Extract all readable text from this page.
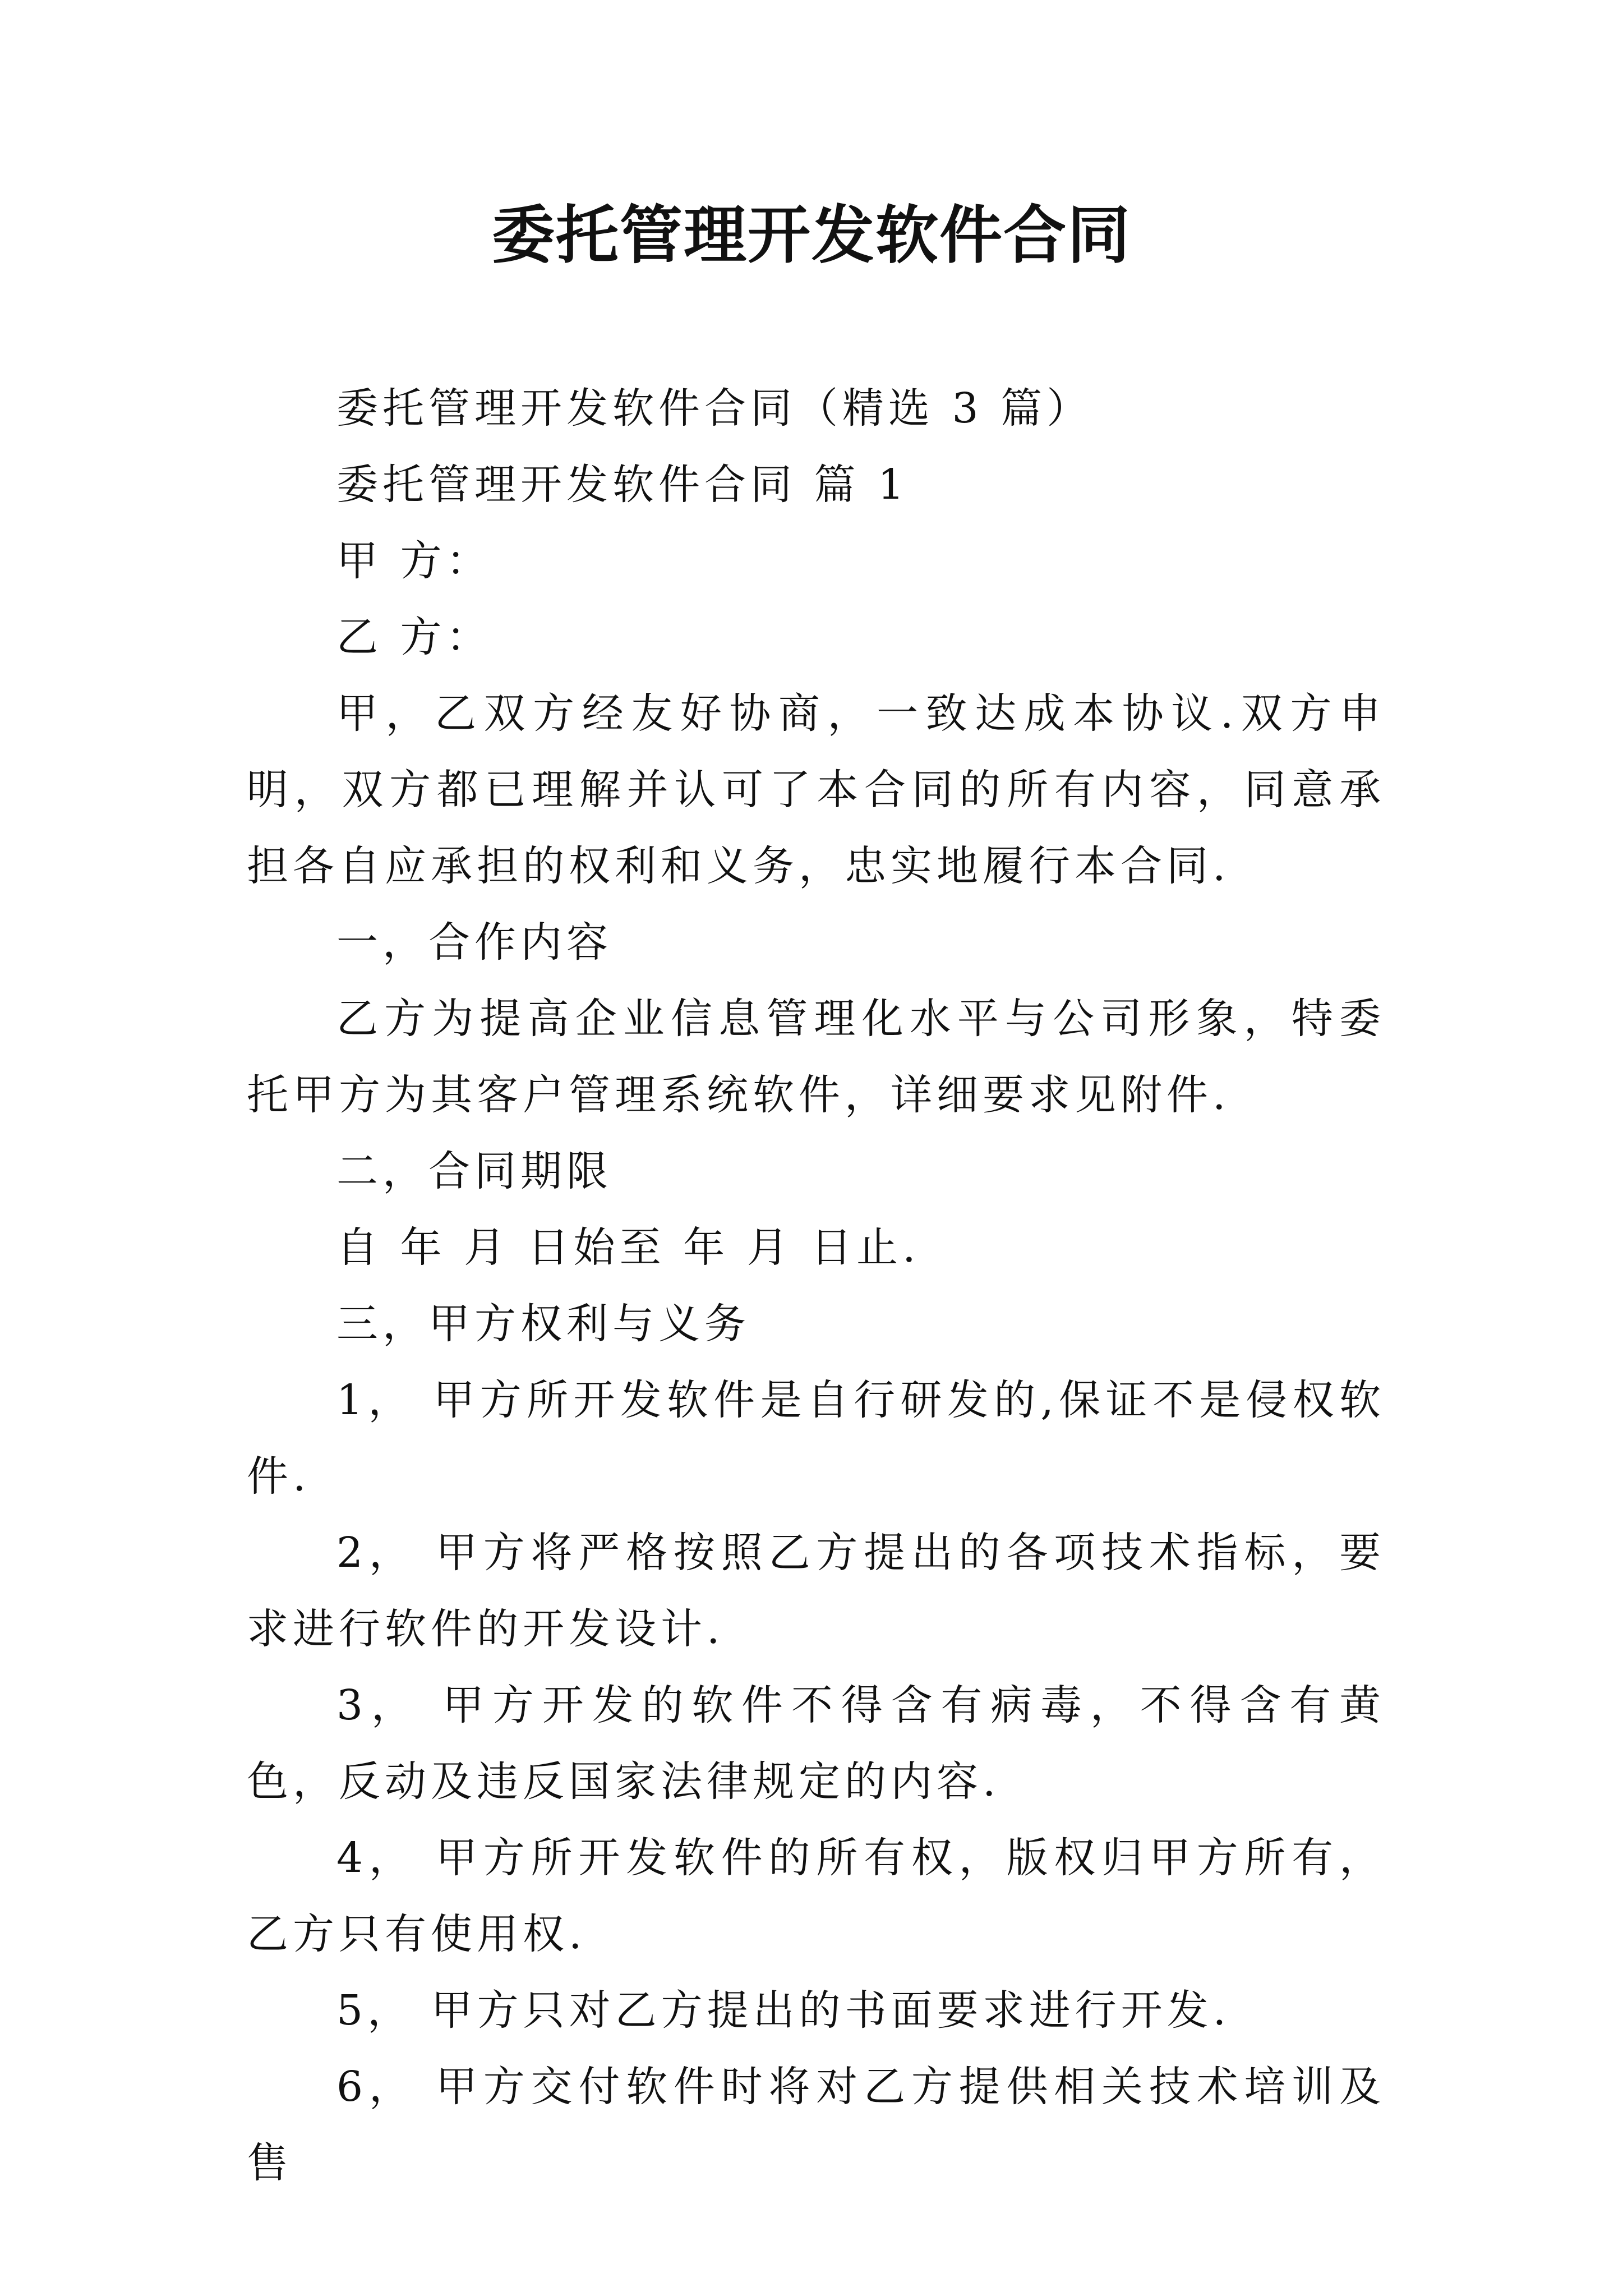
委托管理开发软件合同

委托管理开发软件合同（精选 3 篇）

委托管理开发软件合同 篇 1

甲 方：

乙 方：

甲，乙双方经友好协商，一致达成本协议.双方申明，双方都已理解并认可了本合同的所有内容，同意承担各自应承担的权利和义务，忠实地履行本合同.

一，合作内容

乙方为提高企业信息管理化水平与公司形象，特委托甲方为其客户管理系统软件，详细要求见附件.

二，合同期限

自 年 月 日始至 年 月 日止.

三，甲方权利与义务

1， 甲方所开发软件是自行研发的,保证不是侵权软件.

2， 甲方将严格按照乙方提出的各项技术指标，要求进行软件的开发设计.

3， 甲方开发的软件不得含有病毒，不得含有黄色，反动及违反国家法律规定的内容.

4， 甲方所开发软件的所有权，版权归甲方所有，乙方只有使用权.

5， 甲方只对乙方提出的书面要求进行开发.

6， 甲方交付软件时将对乙方提供相关技术培训及售
